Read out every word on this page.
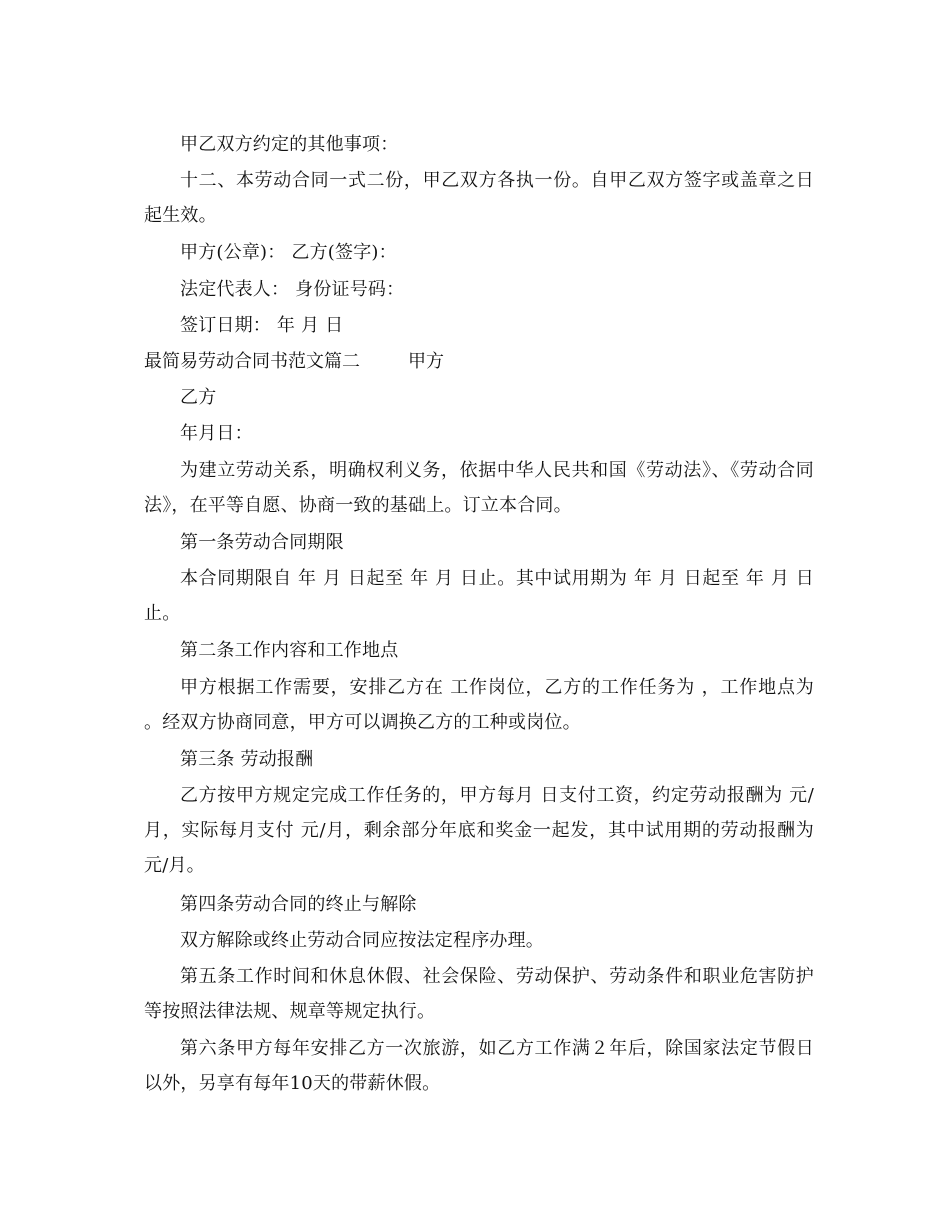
甲乙双方约定的其他事项：

十二、本劳动合同一式二份，甲乙双方各执一份。自甲乙双方签字或盖章之日起生效。

甲方(公章)： 乙方(签字)：

法定代表人： 身份证号码：

签订日期： 年 月 日

最简易劳动合同书范文篇二	甲方

乙方

年月日：

为建立劳动关系，明确权利义务，依据中华人民共和国《劳动法》、《劳动合同法》，在平等自愿、协商一致的基础上。订立本合同。

第一条劳动合同期限

本合同期限自 年 月 日起至 年 月 日止。其中试用期为 年 月 日起至 年 月 日止。

第二条工作内容和工作地点

甲方根据工作需要，安排乙方在 工作岗位，乙方的工作任务为 ，工作地点为 。经双方协商同意，甲方可以调换乙方的工种或岗位。

第三条 劳动报酬

乙方按甲方规定完成工作任务的，甲方每月 日支付工资，约定劳动报酬为 元/月，实际每月支付 元/月，剩余部分年底和奖金一起发，其中试用期的劳动报酬为 元/月。

第四条劳动合同的终止与解除

双方解除或终止劳动合同应按法定程序办理。

第五条工作时间和休息休假、社会保险、劳动保护、劳动条件和职业危害防护等按照法律法规、规章等规定执行。

第六条甲方每年安排乙方一次旅游，如乙方工作满２年后，除国家法定节假日以外，另享有每年10天的带薪休假。
